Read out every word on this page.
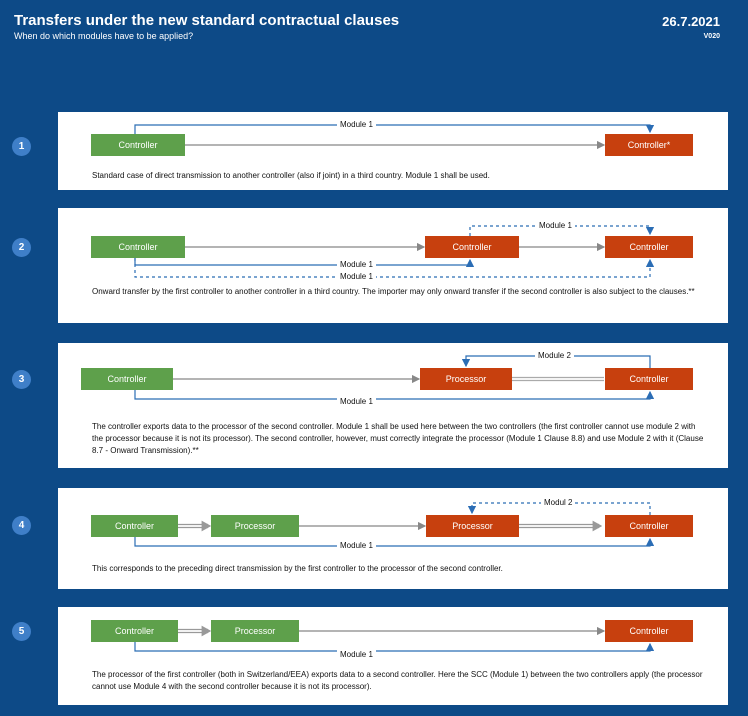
Transfers under the new standard contractual clauses
When do which modules have to be applied?
26.7.2021
V020
1	Controller	Controller*
Module 1
Standard case of direct transmission to another controller (also if joint) in a third country. Module 1 shall be used.
2	Controller	Controller	Controller
Module 1
Module 1
Module 1
Onward transfer by the first controller to another controller in a third country. The importer may only onward transfer if the second controller is also subject to the clauses.**
3	Controller	Processor	Controller
Module 2
Module 1
The controller exports data to the processor of the second controller. Module 1 shall be used here between the two controllers (the first controller cannot use module 2 with the processor because it is not its processor). The second controller, however, must correctly integrate the processor (Module 1 Clause 8.8) and use Module 2 with it (Clause 8.7 - Onward Transmission).**
4	Controller	Processor	Processor	Controller
Modul 2
Module 1
This corresponds to the preceding direct transmission by the first controller to the processor of the second controller.
5	Controller	Processor	Controller
Module 1
The processor of the first controller (both in Switzerland/EEA) exports data to a second controller. Here the SCC (Module 1) between the two controllers apply (the processor cannot use Module 4 with the second controller because it is not its processor).
